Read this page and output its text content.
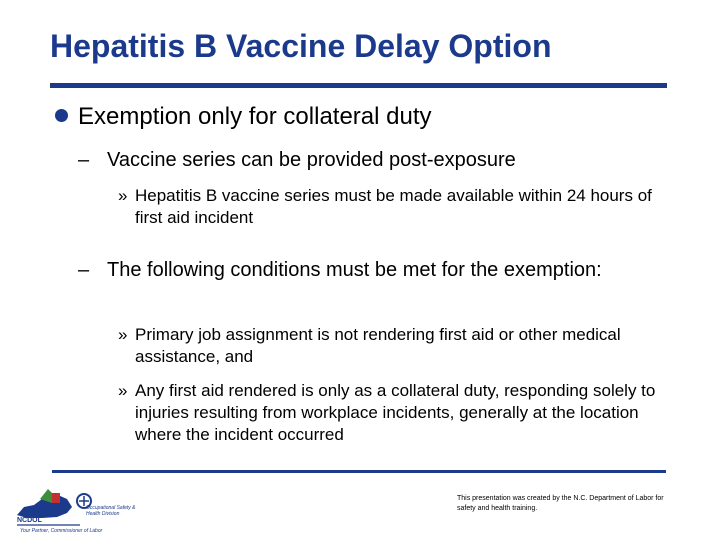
Hepatitis B Vaccine Delay Option
Exemption only for collateral duty
– Vaccine series can be provided post-exposure
» Hepatitis B vaccine series must be made available within 24 hours of first aid incident
– The following conditions must be met for the exemption:
» Primary job assignment is not rendering first aid or other medical assistance, and
» Any first aid rendered is only as a collateral duty, responding solely to injuries resulting from workplace incidents, generally at the location where the incident occurred
NCDOL
Occupational Safety & Health Division
Your Partner, Commissioner of Labor
This presentation was created by the N.C. Department of Labor for safety and health training.
